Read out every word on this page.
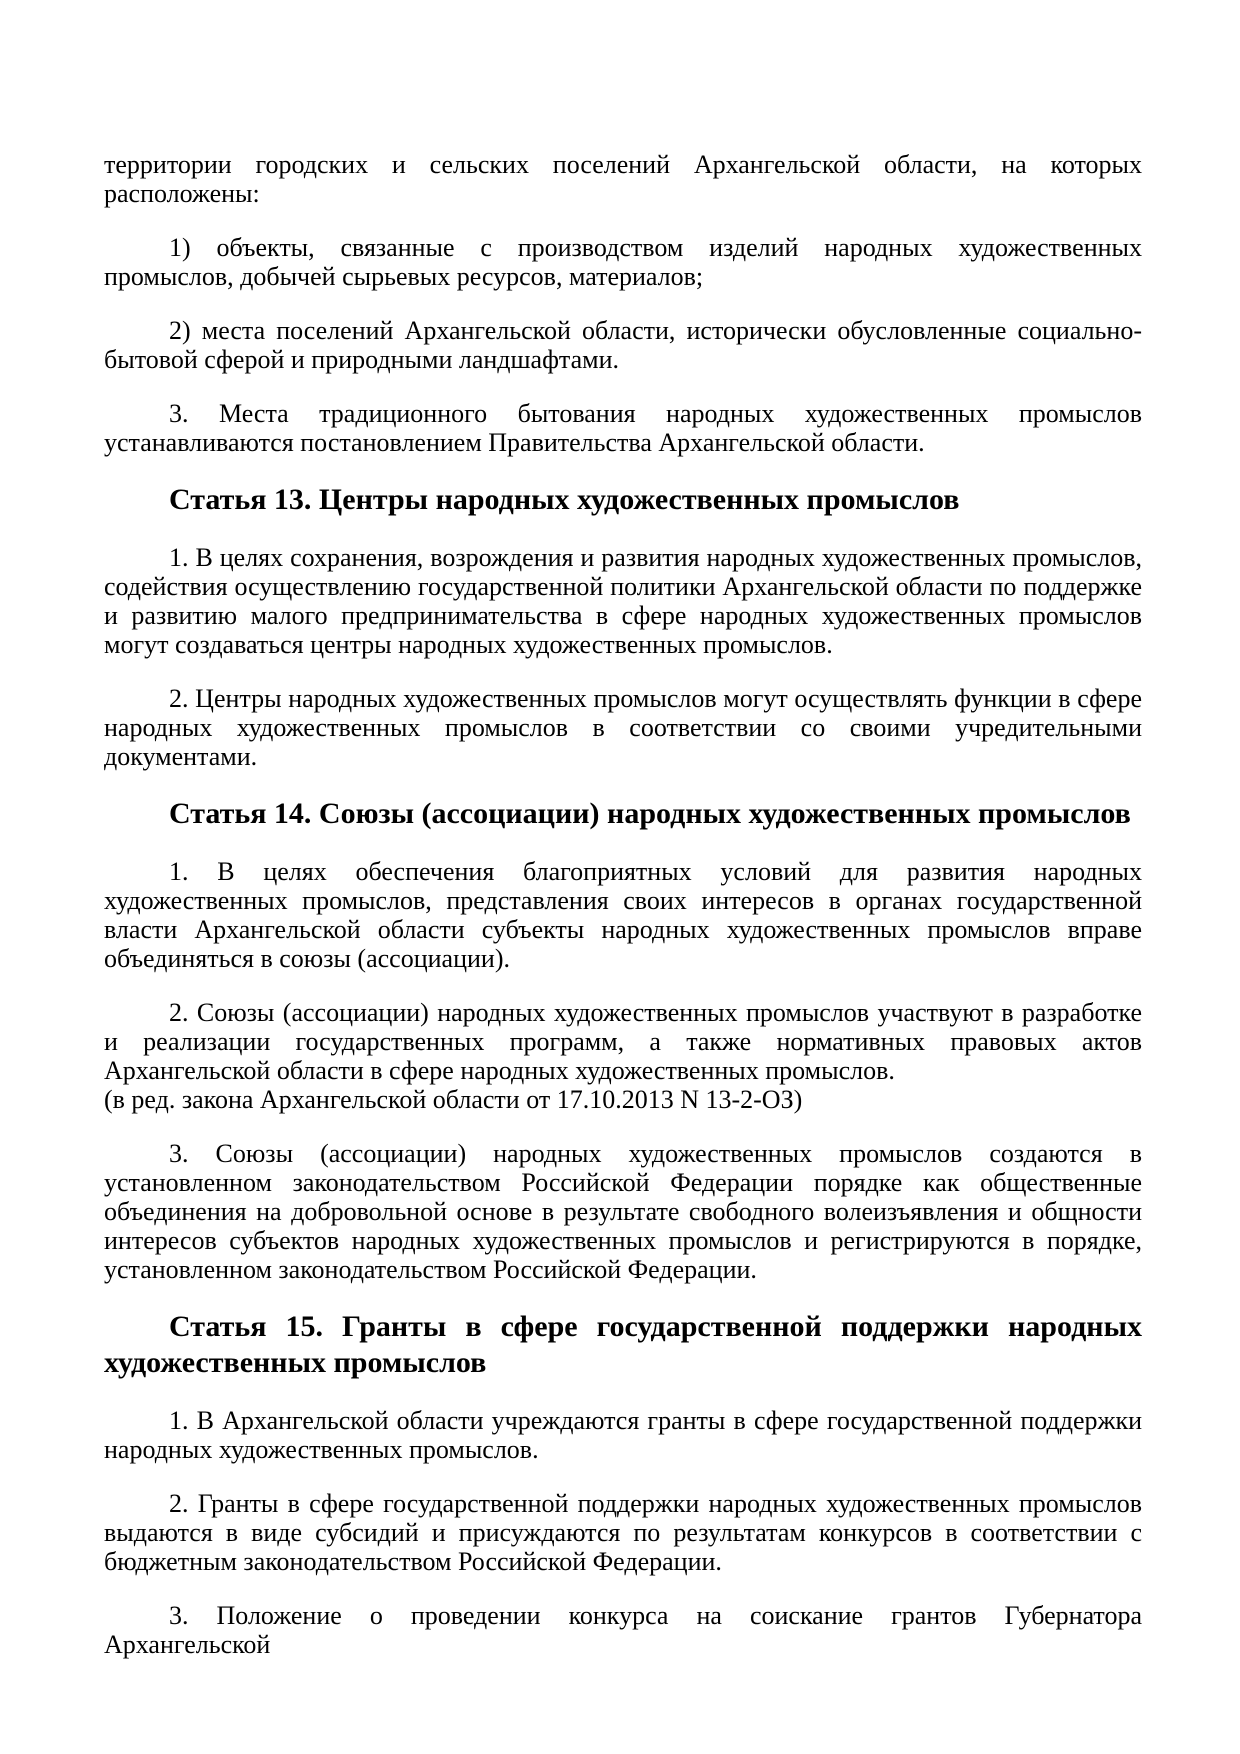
территории городских и сельских поселений Архангельской области, на которых расположены:

1) объекты, связанные с производством изделий народных художественных промыслов, добычей сырьевых ресурсов, материалов;

2) места поселений Архангельской области, исторически обусловленные социально-бытовой сферой и природными ландшафтами.

3. Места традиционного бытования народных художественных промыслов устанавливаются постановлением Правительства Архангельской области.

Статья 13. Центры народных художественных промыслов

1. В целях сохранения, возрождения и развития народных художественных промыслов, содействия осуществлению государственной политики Архангельской области по поддержке и развитию малого предпринимательства в сфере народных художественных промыслов могут создаваться центры народных художественных промыслов.

2. Центры народных художественных промыслов могут осуществлять функции в сфере народных художественных промыслов в соответствии со своими учредительными документами.

Статья 14. Союзы (ассоциации) народных художественных промыслов

1. В целях обеспечения благоприятных условий для развития народных художественных промыслов, представления своих интересов в органах государственной власти Архангельской области субъекты народных художественных промыслов вправе объединяться в союзы (ассоциации).

2. Союзы (ассоциации) народных художественных промыслов участвуют в разработке и реализации государственных программ, а также нормативных правовых актов Архангельской области в сфере народных художественных промыслов.

(в ред. закона Архангельской области от 17.10.2013 N 13-2-ОЗ)

3. Союзы (ассоциации) народных художественных промыслов создаются в установленном законодательством Российской Федерации порядке как общественные объединения на добровольной основе в результате свободного волеизъявления и общности интересов субъектов народных художественных промыслов и регистрируются в порядке, установленном законодательством Российской Федерации.

Статья 15. Гранты в сфере государственной поддержки народных художественных промыслов

1. В Архангельской области учреждаются гранты в сфере государственной поддержки народных художественных промыслов.

2. Гранты в сфере государственной поддержки народных художественных промыслов выдаются в виде субсидий и присуждаются по результатам конкурсов в соответствии с бюджетным законодательством Российской Федерации.

3. Положение о проведении конкурса на соискание грантов Губернатора Архангельской
